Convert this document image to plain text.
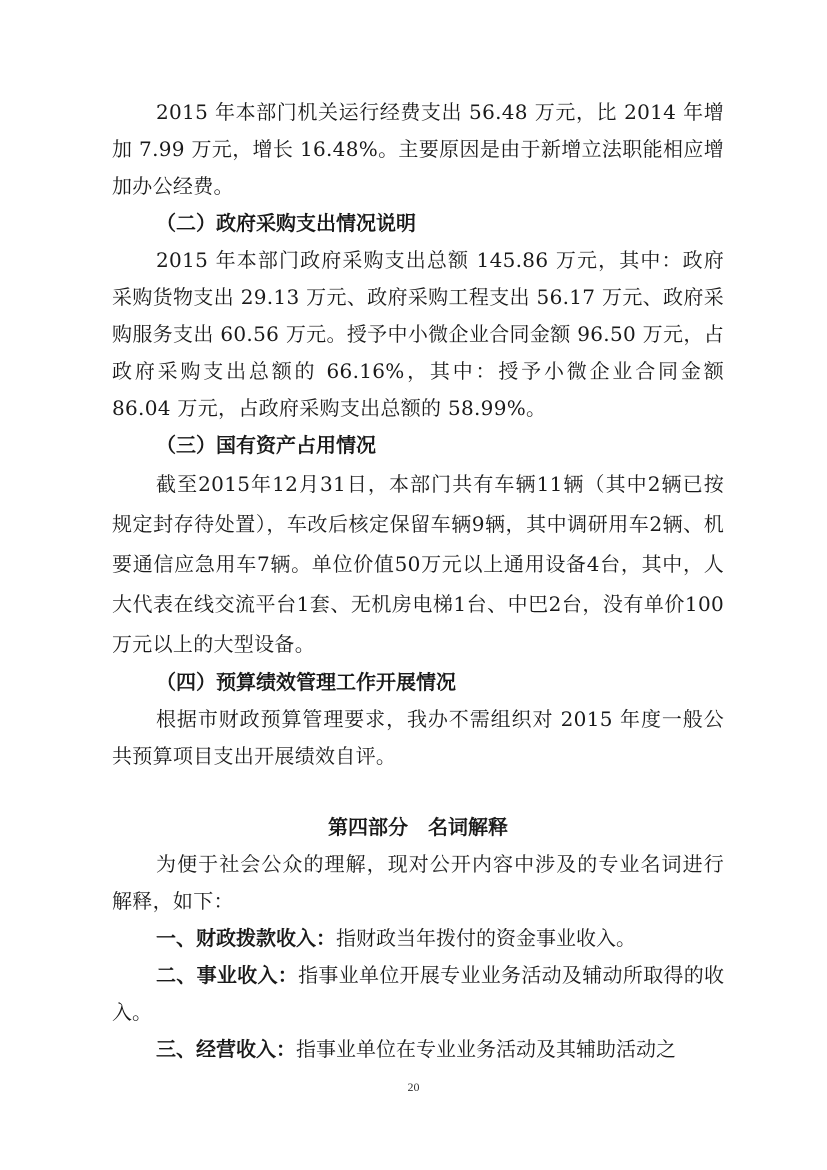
2015 年本部门机关运行经费支出 56.48 万元，比 2014 年增加 7.99 万元，增长 16.48%。主要原因是由于新增立法职能相应增加办公经费。

（二）政府采购支出情况说明

2015 年本部门政府采购支出总额 145.86 万元，其中：政府采购货物支出 29.13 万元、政府采购工程支出 56.17 万元、政府采购服务支出 60.56 万元。授予中小微企业合同金额 96.50 万元，占政府采购支出总额的 66.16%，其中：授予小微企业合同金额 86.04 万元，占政府采购支出总额的 58.99%。

（三）国有资产占用情况

截至2015年12月31日，本部门共有车辆11辆（其中2辆已按规定封存待处置），车改后核定保留车辆9辆，其中调研用车2辆、机要通信应急用车7辆。单位价值50万元以上通用设备4台，其中，人大代表在线交流平台1套、无机房电梯1台、中巴2台，没有单价100万元以上的大型设备。

（四）预算绩效管理工作开展情况

根据市财政预算管理要求，我办不需组织对 2015 年度一般公共预算项目支出开展绩效自评。

第四部分　名词解释

为便于社会公众的理解，现对公开内容中涉及的专业名词进行解释，如下：

一、财政拨款收入：指财政当年拨付的资金事业收入。

二、事业收入：指事业单位开展专业业务活动及辅动所取得的收入。

三、经营收入：指事业单位在专业业务活动及其辅助活动之

20
